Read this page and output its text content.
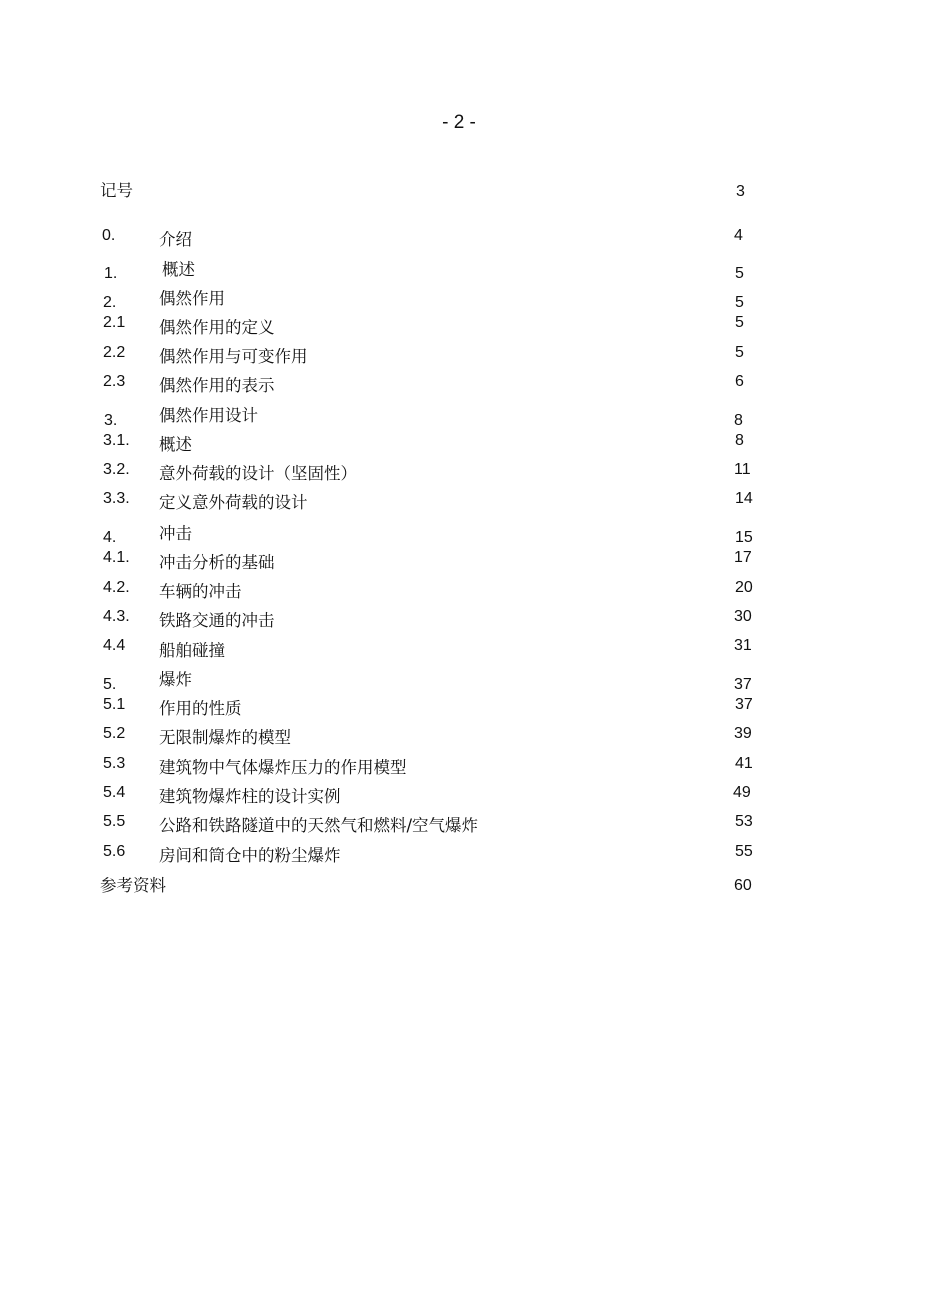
- 2 -
记号	3
0.	介绍	4
1.	概述	5
2.	偶然作用	5
2.1 偶然作用的定义	5
2.2 偶然作用与可变作用	5
2.3 偶然作用的表示	6
3.	偶然作用设计	8
3.1. 概述	8
3.2. 意外荷载的设计（坚固性）	11
3.3. 定义意外荷载的设计	14
4.	冲击	15
4.1. 冲击分析的基础	17
4.2. 车辆的冲击	20
4.3. 铁路交通的冲击	30
4.4 船舶碰撞	31
5.	爆炸	37
5.1 作用的性质	37
5.2 无限制爆炸的模型	39
5.3 建筑物中气体爆炸压力的作用模型	41
5.4 建筑物爆炸柱的设计实例	49
5.5 公路和铁路隧道中的天然气和燃料/空气爆炸	53
5.6 房间和筒仓中的粉尘爆炸	55
参考资料	60
